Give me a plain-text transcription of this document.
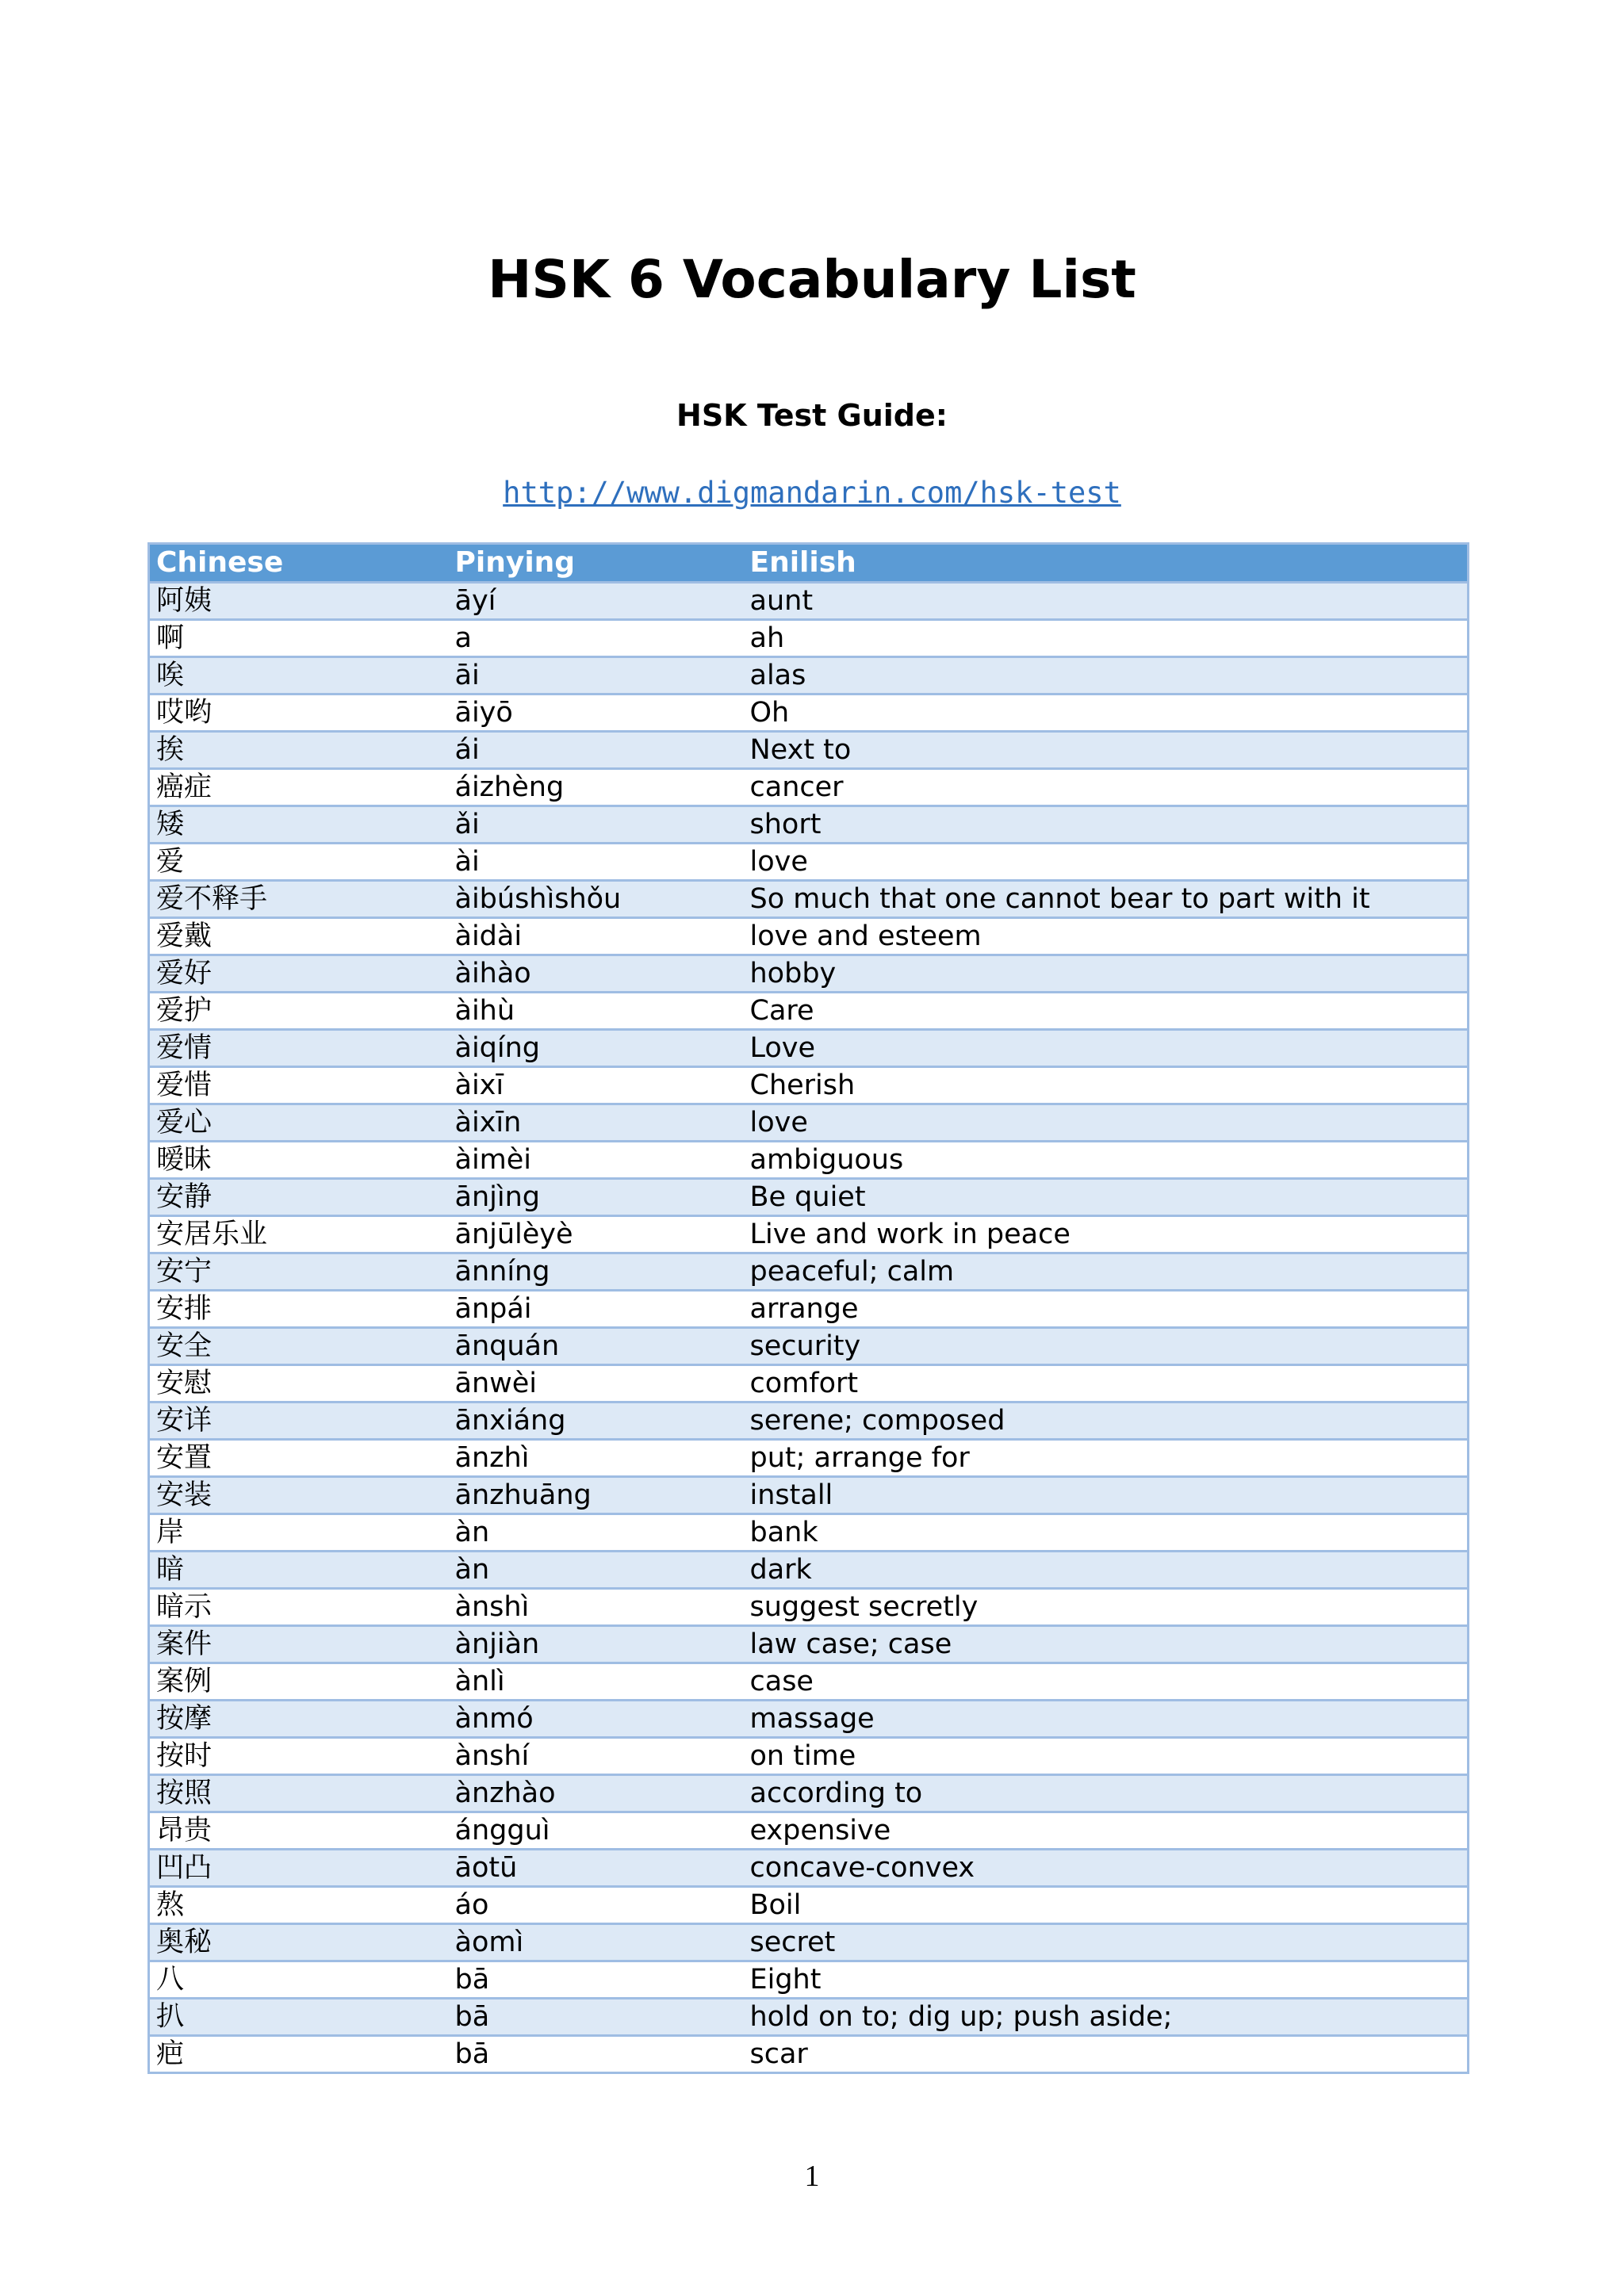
HSK 6 Vocabulary List
HSK Test Guide:
http://www.digmandarin.com/hsk-test
Chinese	Pinying	Enilish
阿姨	āyí	aunt
啊	a	ah
唉	āi	alas
哎哟	āiyō	Oh
挨	ái	Next to
癌症	áizhèng	cancer
矮	ǎi	short
爱	ài	love
爱不释手	àibúshìshǒu	So much that one cannot bear to part with it
爱戴	àidài	love and esteem
爱好	àihào	hobby
爱护	àihù	Care
爱情	àiqíng	Love
爱惜	àixī	Cherish
爱心	àixīn	love
暧昧	àimèi	ambiguous
安静	ānjìng	Be quiet
安居乐业	ānjūlèyè	Live and work in peace
安宁	ānníng	peaceful; calm
安排	ānpái	arrange
安全	ānquán	security
安慰	ānwèi	comfort
安详	ānxiáng	serene; composed
安置	ānzhì	put; arrange for
安装	ānzhuāng	install
岸	àn	bank
暗	àn	dark
暗示	ànshì	suggest secretly
案件	ànjiàn	law case; case
案例	ànlì	case
按摩	ànmó	massage
按时	ànshí	on time
按照	ànzhào	according to
昂贵	ángguì	expensive
凹凸	āotū	concave-convex
熬	áo	Boil
奥秘	àomì	secret
八	bā	Eight
扒	bā	hold on to; dig up; push aside;
疤	bā	scar
1
